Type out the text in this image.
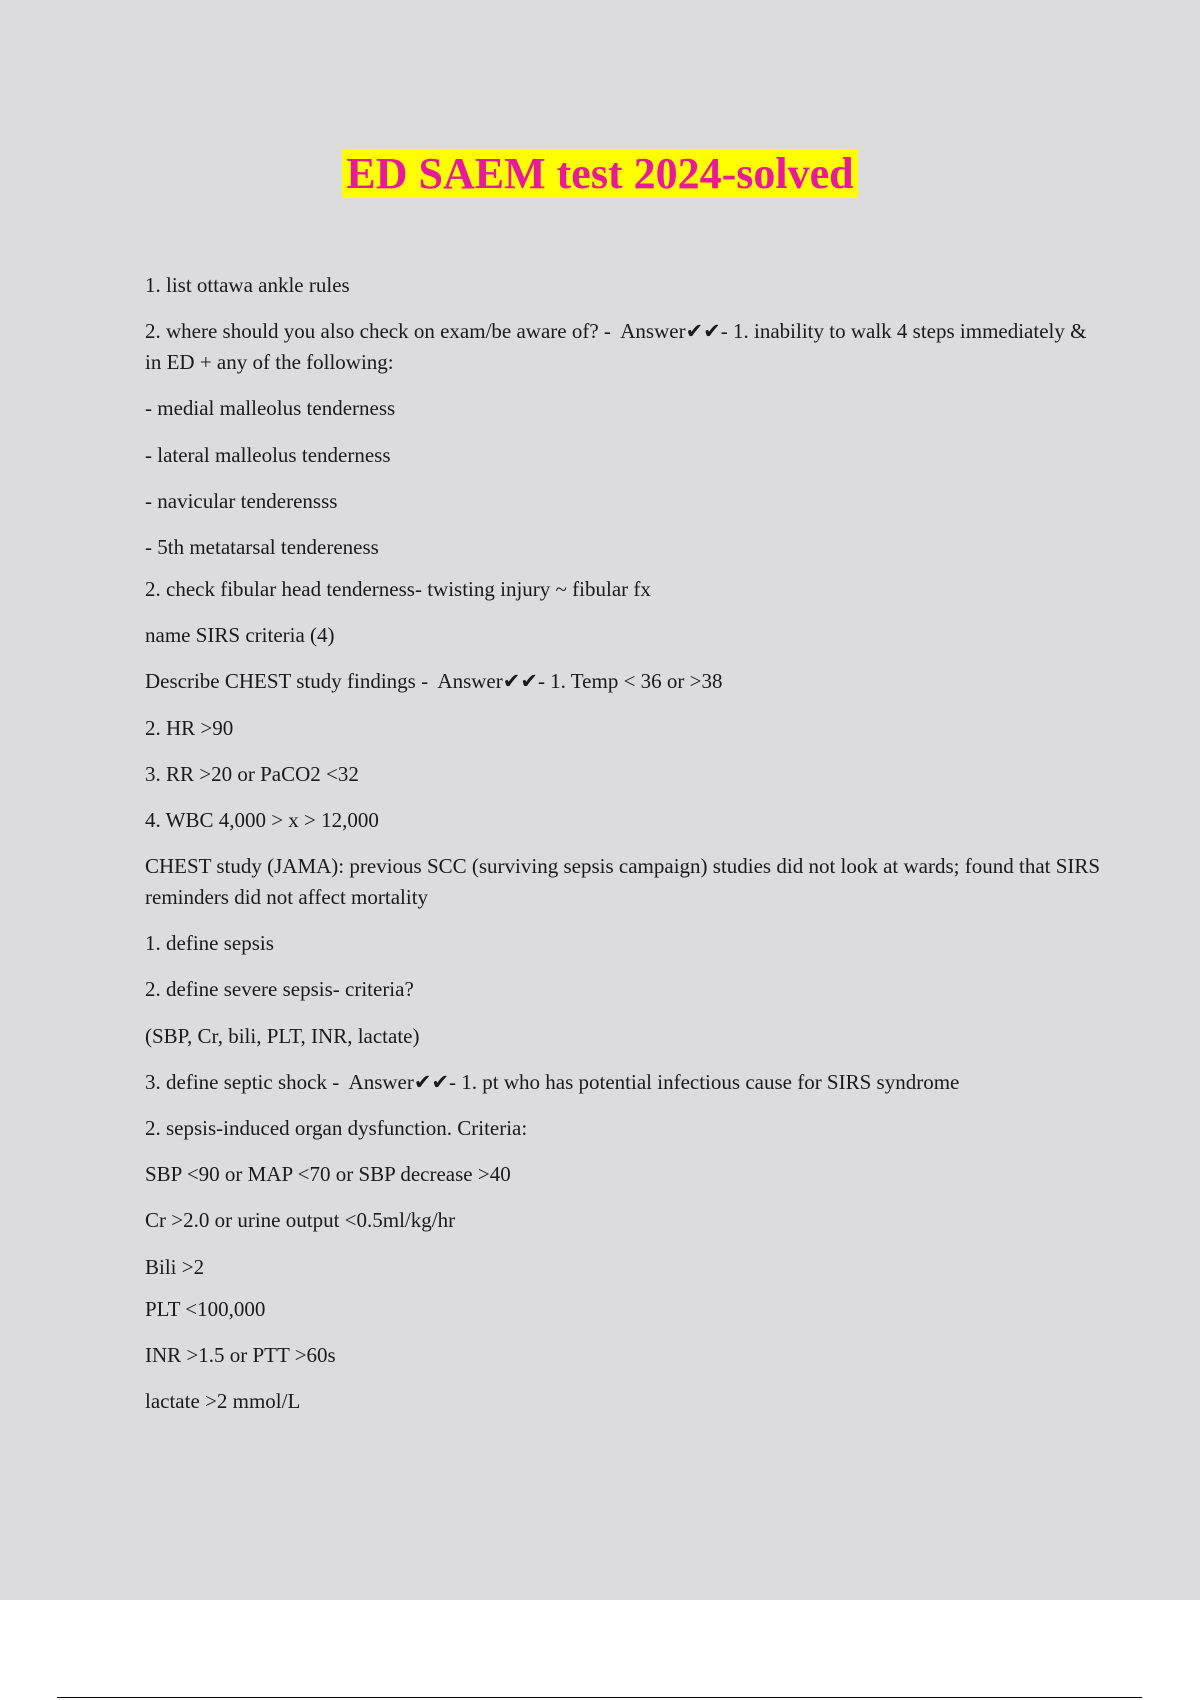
ED SAEM test 2024-solved
1. list ottawa ankle rules
2. where should you also check on exam/be aware of? -  Answer✔✔- 1. inability to walk 4 steps immediately & in ED + any of the following:
- medial malleolus tenderness
- lateral malleolus tenderness
- navicular tenderensss
- 5th metatarsal tendereness
2. check fibular head tenderness- twisting injury ~ fibular fx
name SIRS criteria (4)
Describe CHEST study findings -  Answer✔✔- 1. Temp < 36 or >38
2. HR >90
3. RR >20 or PaCO2 <32
4. WBC 4,000 > x > 12,000
CHEST study (JAMA): previous SCC (surviving sepsis campaign) studies did not look at wards; found that SIRS reminders did not affect mortality
1. define sepsis
2. define severe sepsis- criteria?
(SBP, Cr, bili, PLT, INR, lactate)
3. define septic shock -  Answer✔✔- 1. pt who has potential infectious cause for SIRS syndrome
2. sepsis-induced organ dysfunction. Criteria:
SBP <90 or MAP <70 or SBP decrease >40
Cr >2.0 or urine output <0.5ml/kg/hr
Bili >2
PLT <100,000
INR >1.5 or PTT >60s
lactate >2 mmol/L
